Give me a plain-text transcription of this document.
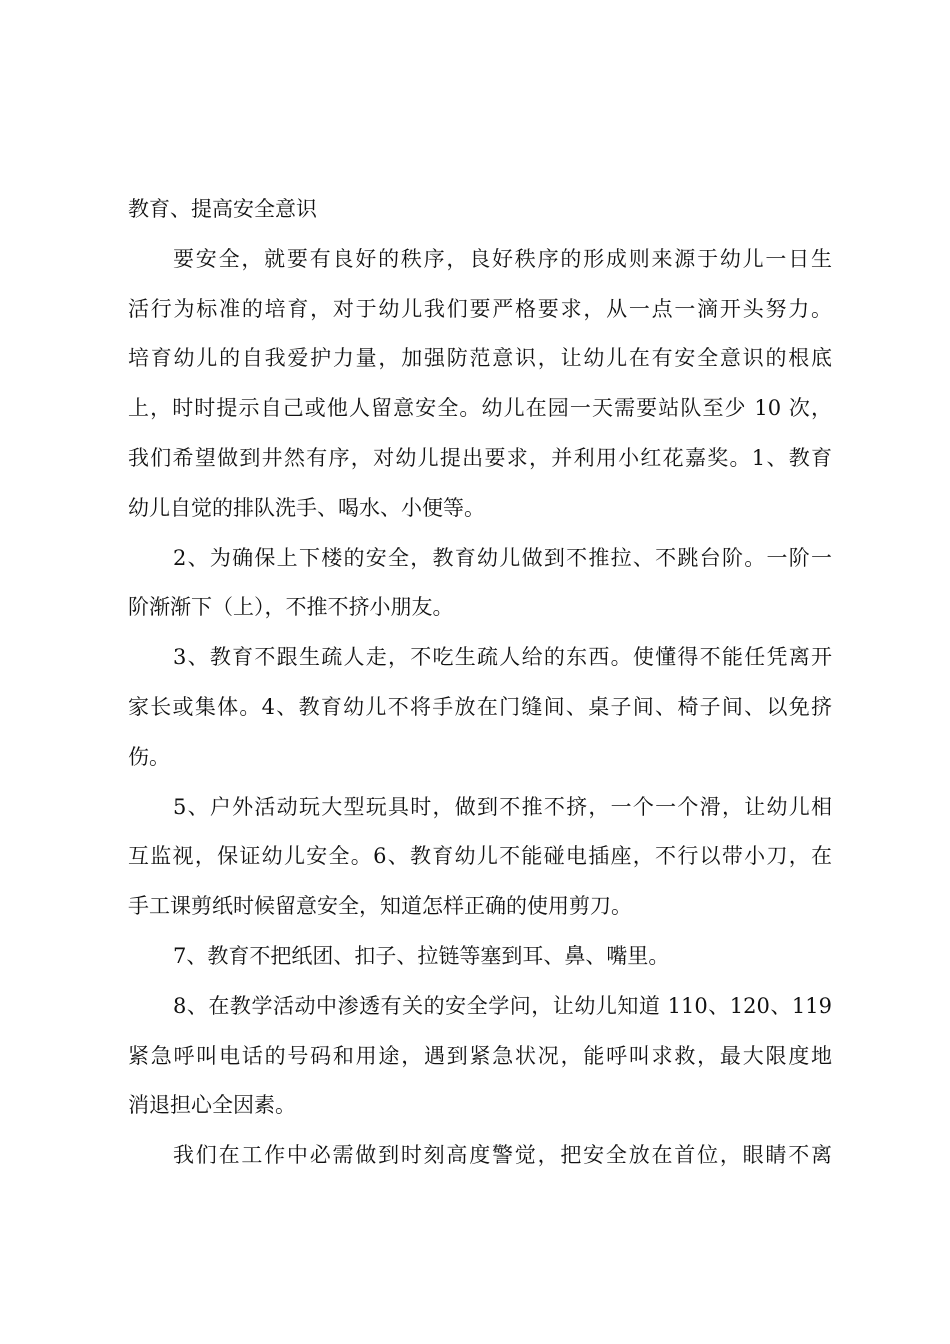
教育、提高安全意识
要安全，就要有良好的秩序，良好秩序的形成则来源于幼儿一日生
活行为标准的培育，对于幼儿我们要严格要求，从一点一滴开头努力。
培育幼儿的自我爱护力量，加强防范意识，让幼儿在有安全意识的根底
上，时时提示自己或他人留意安全。幼儿在园一天需要站队至少 10 次，
我们希望做到井然有序，对幼儿提出要求，并利用小红花嘉奖。1、教育
幼儿自觉的排队洗手、喝水、小便等。
2、为确保上下楼的安全，教育幼儿做到不推拉、不跳台阶。一阶一
阶渐渐下（上），不推不挤小朋友。
3、教育不跟生疏人走，不吃生疏人给的东西。使懂得不能任凭离开
家长或集体。4、教育幼儿不将手放在门缝间、桌子间、椅子间、以免挤
伤。
5、户外活动玩大型玩具时，做到不推不挤，一个一个滑，让幼儿相
互监视，保证幼儿安全。6、教育幼儿不能碰电插座，不行以带小刀，在
手工课剪纸时候留意安全，知道怎样正确的使用剪刀。
7、教育不把纸团、扣子、拉链等塞到耳、鼻、嘴里。
8、在教学活动中渗透有关的安全学问，让幼儿知道 110、120、119
紧急呼叫电话的号码和用途，遇到紧急状况，能呼叫求救，最大限度地
消退担心全因素。
我们在工作中必需做到时刻高度警觉，把安全放在首位，眼睛不离
